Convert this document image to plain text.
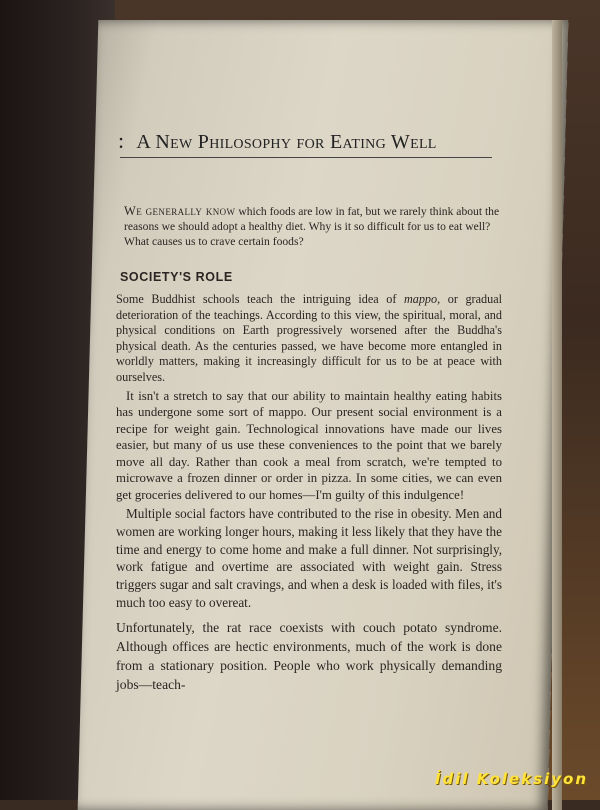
: A New Philosophy for Eating Well
We generally know which foods are low in fat, but we rarely think about the reasons we should adopt a healthy diet. Why is it so difficult for us to eat well? What causes us to crave certain foods?
SOCIETY'S ROLE

Some Buddhist schools teach the intriguing idea of mappo, or gradual deterioration of the teachings. According to this view, the spiritual, moral, and physical conditions on Earth progressively worsened after the Buddha's physical death. As the centuries passed, we have become more entangled in worldly matters, making it increasingly difficult for us to be at peace with ourselves.

It isn't a stretch to say that our ability to maintain healthy eating habits has undergone some sort of mappo. Our present social environment is a recipe for weight gain. Technological innovations have made our lives easier, but many of us use these conveniences to the point that we barely move all day. Rather than cook a meal from scratch, we're tempted to microwave a frozen dinner or order in pizza. In some cities, we can even get groceries delivered to our homes—I'm guilty of this indulgence!

Multiple social factors have contributed to the rise in obesity. Men and women are working longer hours, making it less likely that they have the time and energy to come home and make a full dinner. Not surprisingly, work fatigue and overtime are associated with weight gain. Stress triggers sugar and salt cravings, and when a desk is loaded with files, it's much too easy to overeat.

Unfortunately, the rat race coexists with couch potato syndrome. Although offices are hectic environments, much of the work is done from a stationary position. People who work physically demanding jobs—teach-

İdil Koleksiyon
